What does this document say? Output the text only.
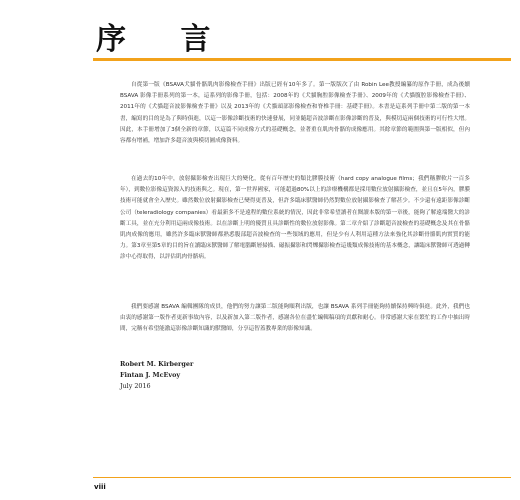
序 言

自從第一版《BSAVA犬貓骨骼肌肉影像檢查手冊》出版已經有10年多了。第一版版次了由 Robin Lee教授編纂的原作手冊，成為後續 BSAVA 影像手冊系列的第一本，這系列的影像手冊，包括：2008年的《犬貓胸腔影像檢查手冊》、2009年的《犬貓腹腔影像檢查手冊》、2011年的《犬貓超音波影像檢查手冊》以及 2013年的《犬貓頭部影像檢查和脊椎手冊：基礎手冊》。本書是這系列手冊中第二版的第一本書，編寫的目的是為了與時俱進，以這一影像診斷技術的快速發展，同並隨超音波診斷在影像診斷的普及，與模切這兩個技術的可行性大增。因此，本手冊增加了3個全新的章節，以這篇不同成像方式的基礎概念，並著重在肌肉骨骼的成像應用。其餘章節的範圍與第一版相似，但內容都有增補，增加許多超音波與模切圖成像資料。

在過去的10年中，放射攝影檢查出現巨大的變化，從有百年歷史的類比膠膜技術（hard copy analogue films；我們稱膠軟片一百多年），到數位影像這資源入的技術與之。現在，第一世界國家，可能超過80%以上的診療機構都是採用數位放射攝影檢查，並且在5年內，膠膜技術可能就會全入歷史。雖然數位放射攝影檢查已變得更普及，但許多臨床獸醫師仍然對數位放射攝影檢查了解甚少。不少還有遠距影像診斷公司（teleradiology companies）看最新多不是遠程的數位系統的情況，因此非常希望讀者在閱讀本版的第一章後，能夠了解遠端醫大的診斷工具，並在充分利用這兩成像技術。以在診斷上明的優質且具診斷性的數位放射影像。第二章介紹了診斷超音波檢查的基礎概念及其在骨骼肌肉成像的應用，雖然許多臨床獸醫師都熟悉腹部超音波檢查的一些領域的應用，但是少有人利用這種方法來強化其診斷骨骼肌肉實質的能力。第3章至第5章的目的旨在讀臨床獸醫師了解電腦斷層掃描、磁振攝影和閃爍攝影檢查這幾類成像技術的基本概念，讓臨床獸醫師可透過轉診中心得取得，以評估肌肉骨骼病。

我們要感謝 BSAVA 編輯團隊的成員，他們的努力讓第二版能夠順利出版，也讓 BSAVA 系列手冊能夠持續保持興時俱進。此外，我們也由衷的感謝第一版作者更新事故內容，以及新加入第二版作者，感謝各位在盡忙編輯稿項的貢獻和耐心。非常感謝大家在繁忙的工作中抽出時間，完稱有希望能激這影像診斷知識的獸醫師，分享這智蓋教專業的影像知識。

Robert M. Kirberger
Fintan J. McEvoy
July 2016
viii
